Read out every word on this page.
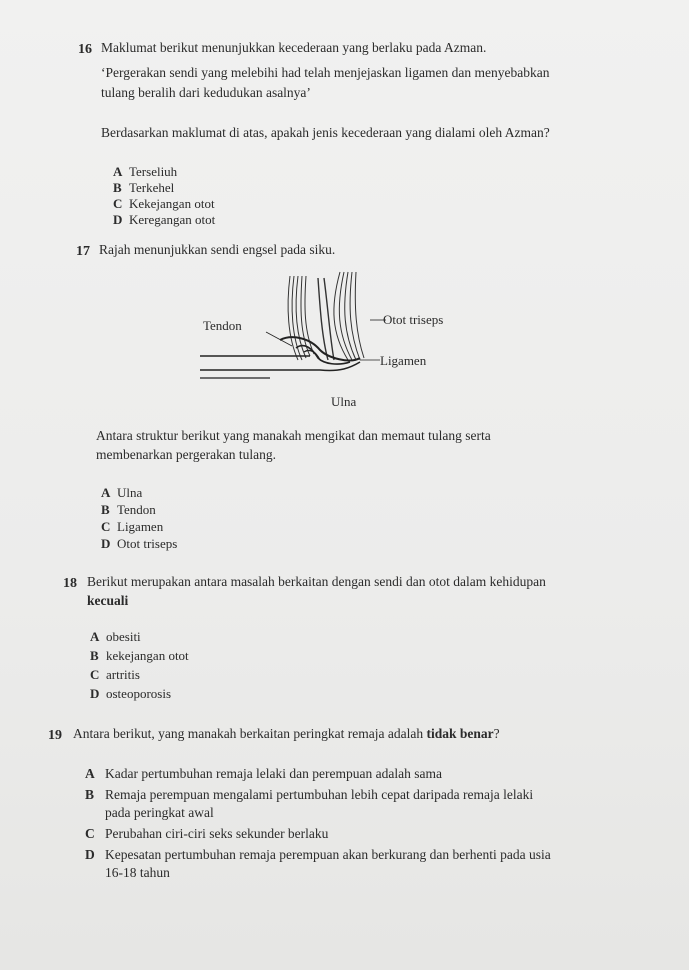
16 Maklumat berikut menunjukkan kecederaan yang berlaku pada Azman.
‘Pergerakan sendi yang melebihi had telah menjejaskan ligamen dan menyebabkan
tulang beralih dari kedudukan asalnya’
Berdasarkan maklumat di atas, apakah jenis kecederaan yang dialami oleh Azman?
A Terseliuh
B Terkehel
C Kekejangan otot
D Keregangan otot
17 Rajah menunjukkan sendi engsel pada siku.
Tendon	Otot triseps
Ligamen
Ulna
Antara struktur berikut yang manakah mengikat dan memaut tulang serta
membenarkan pergerakan tulang.
A Ulna
B Tendon
C Ligamen
D Otot triseps
18 Berikut merupakan antara masalah berkaitan dengan sendi dan otot dalam kehidupan
kecuali
A obesiti
B kekejangan otot
C artritis
D osteoporosis
19 Antara berikut, yang manakah berkaitan peringkat remaja adalah tidak benar?
A Kadar pertumbuhan remaja lelaki dan perempuan adalah sama
B Remaja perempuan mengalami pertumbuhan lebih cepat daripada remaja lelaki
pada peringkat awal
C Perubahan ciri-ciri seks sekunder berlaku
D Kepesatan pertumbuhan remaja perempuan akan berkurang dan berhenti pada usia
16-18 tahun
